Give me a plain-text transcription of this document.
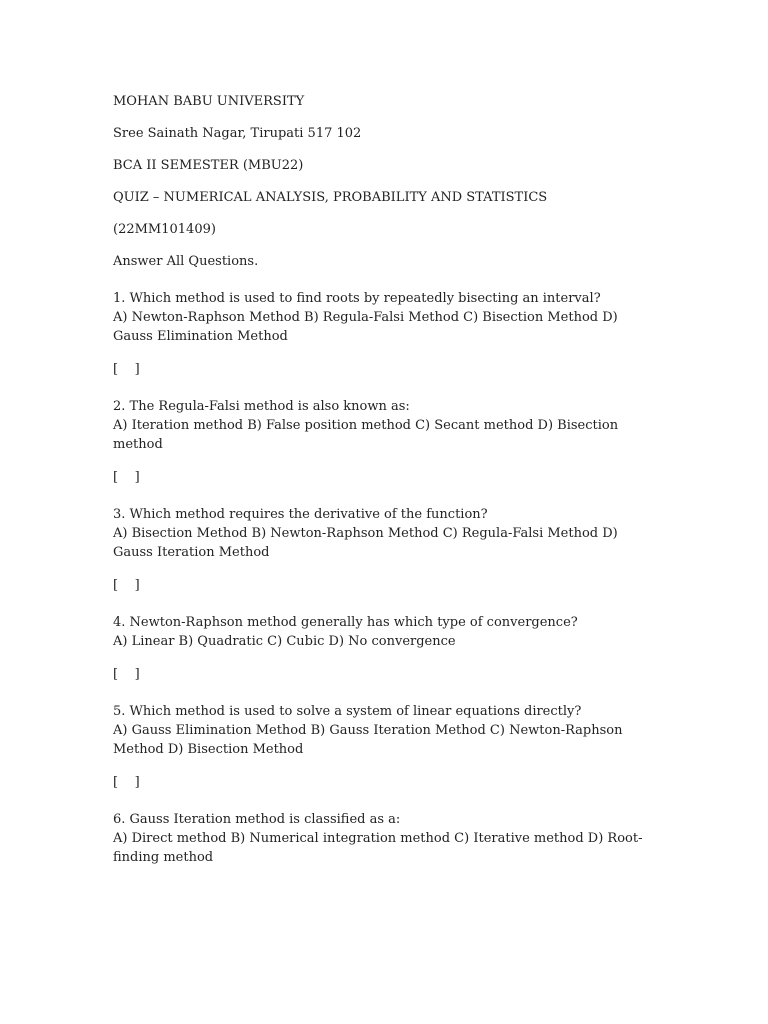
MOHAN BABU UNIVERSITY
Sree Sainath Nagar, Tirupati 517 102
BCA II SEMESTER (MBU22)
QUIZ – NUMERICAL ANALYSIS, PROBABILITY AND STATISTICS
(22MM101409)
Answer All Questions.
1. Which method is used to find roots by repeatedly bisecting an interval?
A) Newton-Raphson Method B) Regula-Falsi Method C) Bisection Method D) Gauss Elimination Method
[    ]
2. The Regula-Falsi method is also known as:
A) Iteration method B) False position method C) Secant method D) Bisection method
[    ]
3. Which method requires the derivative of the function?
A) Bisection Method B) Newton-Raphson Method C) Regula-Falsi Method D) Gauss Iteration Method
[    ]
4. Newton-Raphson method generally has which type of convergence?
A) Linear B) Quadratic C) Cubic D) No convergence
[    ]
5. Which method is used to solve a system of linear equations directly?
A) Gauss Elimination Method B) Gauss Iteration Method C) Newton-Raphson Method D) Bisection Method
[    ]
6. Gauss Iteration method is classified as a:
A) Direct method B) Numerical integration method C) Iterative method D) Root-finding method
